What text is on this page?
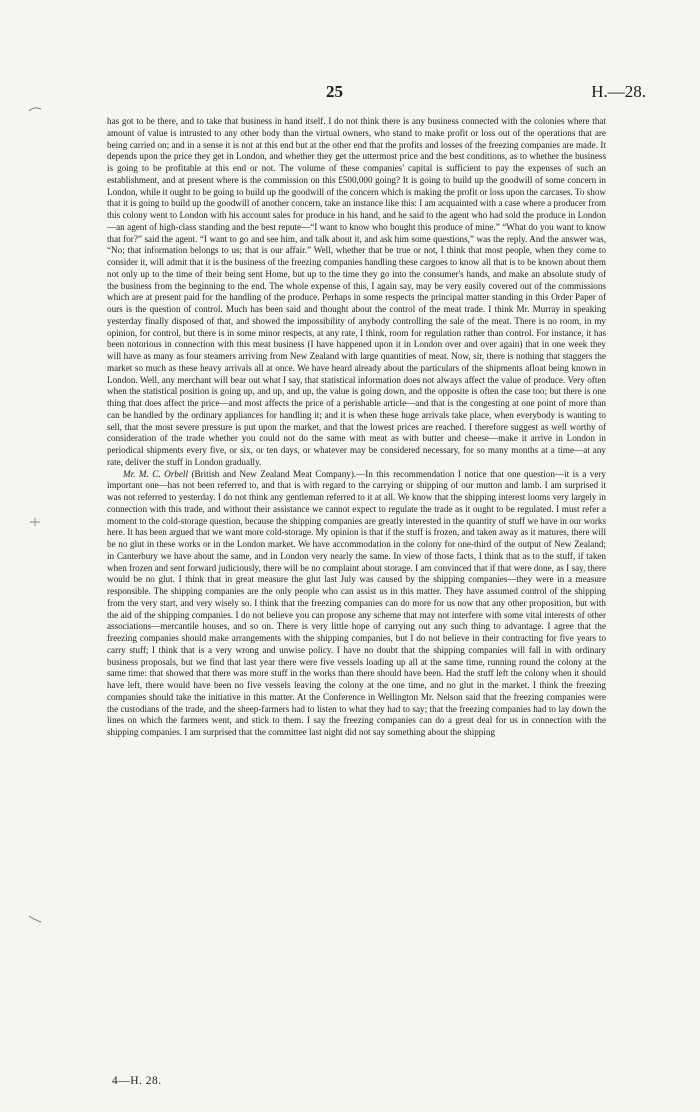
25	H.—28.

has got to be there, and to take that business in hand itself. I do not think there is any business connected with the colonies where that amount of value is intrusted to any other body than the virtual owners, who stand to make profit or loss out of the operations that are being carried on; and in a sense it is not at this end but at the other end that the profits and losses of the freezing companies are made. It depends upon the price they get in London, and whether they get the uttermost price and the best conditions, as to whether the business is going to be profitable at this end or not. The volume of these companies' capital is sufficient to pay the expenses of such an establishment, and at present where is the commission on this £500,000 going? It is going to build up the goodwill of some concern in London, while it ought to be going to build up the goodwill of the concern which is making the profit or loss upon the carcases. To show that it is going to build up the goodwill of another concern, take an instance like this: I am acquainted with a case where a producer from this colony went to London with his account sales for produce in his hand, and he said to the agent who had sold the produce in London—an agent of high-class standing and the best repute—“I want to know who bought this produce of mine.” “What do you want to know that for?” said the agent. “I want to go and see him, and talk about it, and ask him some questions,” was the reply. And the answer was, “No; that information belongs to us; that is our affair.” Well, whether that be true or not, I think that most people, when they come to consider it, will admit that it is the business of the freezing companies handling these cargoes to know all that is to be known about them not only up to the time of their being sent Home, but up to the time they go into the consumer's hands, and make an absolute study of the business from the beginning to the end. The whole expense of this, I again say, may be very easily covered out of the commissions which are at present paid for the handling of the produce. Perhaps in some respects the principal matter standing in this Order Paper of ours is the question of control. Much has been said and thought about the control of the meat trade. I think Mr. Murray in speaking yesterday finally disposed of that, and showed the impossibility of anybody controlling the sale of the meat. There is no room, in my opinion, for control, but there is in some minor respects, at any rate, I think, room for regulation rather than control. For instance, it has been notorious in connection with this meat business (I have happened upon it in London over and over again) that in one week they will have as many as four steamers arriving from New Zealand with large quantities of meat. Now, sir, there is nothing that staggers the market so much as these heavy arrivals all at once. We have heard already about the particulars of the shipments afloat being known in London. Well, any merchant will bear out what I say, that statistical information does not always affect the value of produce. Very often when the statistical position is going up, and up, and up, the value is going down, and the opposite is often the case too; but there is one thing that does affect the price—and most affects the price of a perishable article—and that is the congesting at one point of more than can be handled by the ordinary appliances for handling it; and it is when these huge arrivals take place, when everybody is wanting to sell, that the most severe pressure is put upon the market, and that the lowest prices are reached. I therefore suggest as well worthy of consideration of the trade whether you could not do the same with meat as with butter and cheese—make it arrive in London in periodical shipments every five, or six, or ten days, or whatever may be considered necessary, for so many months at a time—at any rate, deliver the stuff in London gradually.

Mr. M. C. Orbell (British and New Zealand Meat Company).—In this recommendation I notice that one question—it is a very important one—has not been referred to, and that is with regard to the carrying or shipping of our mutton and lamb. I am surprised it was not referred to yesterday. I do not think any gentleman referred to it at all. We know that the shipping interest looms very largely in connection with this trade, and without their assistance we cannot expect to regulate the trade as it ought to be regulated. I must refer a moment to the cold-storage question, because the shipping companies are greatly interested in the quantity of stuff we have in our works here. It has been argued that we want more cold-storage. My opinion is that if the stuff is frozen, and taken away as it matures, there will be no glut in these works or in the London market. We have accommodation in the colony for one-third of the output of New Zealand; in Canterbury we have about the same, and in London very nearly the same. In view of those facts, I think that as to the stuff, if taken when frozen and sent forward judiciously, there will be no complaint about storage. I am convinced that if that were done, as I say, there would be no glut. I think that in great measure the glut last July was caused by the shipping companies—they were in a measure responsible. The shipping companies are the only people who can assist us in this matter. They have assumed control of the shipping from the very start, and very wisely so. I think that the freezing companies can do more for us now that any other proposition, but with the aid of the shipping companies. I do not believe you can propose any scheme that may not interfere with some vital interests of other associations—mercantile houses, and so on. There is very little hope of carrying out any such thing to advantage. I agree that the freezing companies should make arrangements with the shipping companies, but I do not believe in their contracting for five years to carry stuff; I think that is a very wrong and unwise policy. I have no doubt that the shipping companies will fall in with ordinary business proposals, but we find that last year there were five vessels loading up all at the same time, running round the colony at the same time: that showed that there was more stuff in the works than there should have been. Had the stuff left the colony when it should have left, there would have been no five vessels leaving the colony at the one time, and no glut in the market. I think the freezing companies should take the initiative in this matter. At the Conference in Wellington Mr. Nelson said that the freezing companies were the custodians of the trade, and the sheep-farmers had to listen to what they had to say; that the freezing companies had to lay down the lines on which the farmers went, and stick to them. I say the freezing companies can do a great deal for us in connection with the shipping companies. I am surprised that the committee last night did not say something about the shipping

4—H. 28.
